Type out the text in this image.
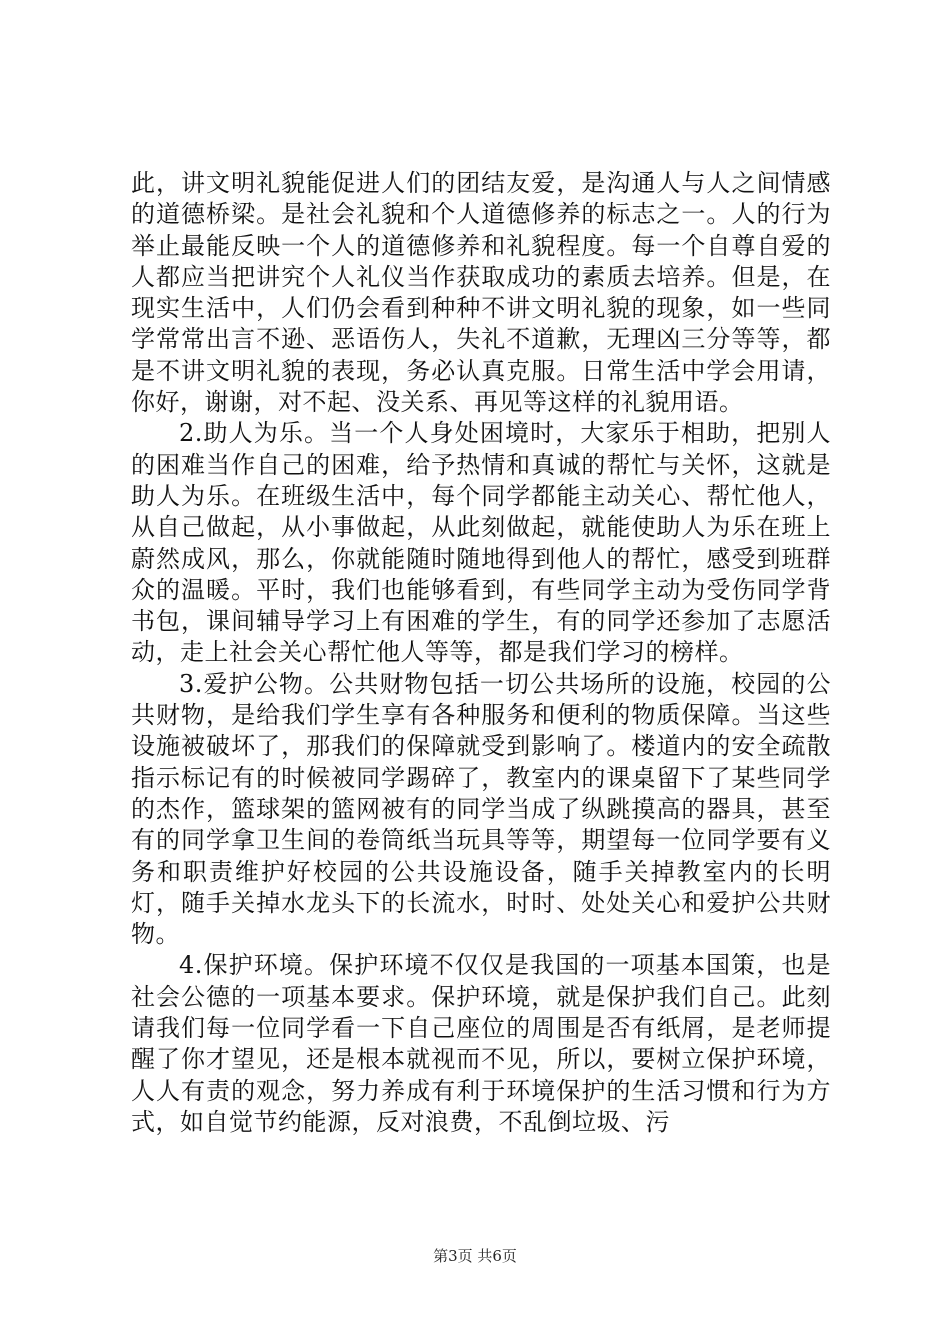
此，讲文明礼貌能促进人们的团结友爱，是沟通人与人之间情感的道德桥梁。是社会礼貌和个人道德修养的标志之一。人的行为举止最能反映一个人的道德修养和礼貌程度。每一个自尊自爱的人都应当把讲究个人礼仪当作获取成功的素质去培养。但是，在现实生活中，人们仍会看到种种不讲文明礼貌的现象，如一些同学常常出言不逊、恶语伤人，失礼不道歉，无理凶三分等等，都是不讲文明礼貌的表现，务必认真克服。日常生活中学会用请，你好，谢谢，对不起、没关系、再见等这样的礼貌用语。

2.助人为乐。当一个人身处困境时，大家乐于相助，把别人的困难当作自己的困难，给予热情和真诚的帮忙与关怀，这就是助人为乐。在班级生活中，每个同学都能主动关心、帮忙他人，从自己做起，从小事做起，从此刻做起，就能使助人为乐在班上蔚然成风，那么，你就能随时随地得到他人的帮忙，感受到班群众的温暖。平时，我们也能够看到，有些同学主动为受伤同学背书包，课间辅导学习上有困难的学生，有的同学还参加了志愿活动，走上社会关心帮忙他人等等，都是我们学习的榜样。

3.爱护公物。公共财物包括一切公共场所的设施，校园的公共财物，是给我们学生享有各种服务和便利的物质保障。当这些设施被破坏了，那我们的保障就受到影响了。楼道内的安全疏散指示标记有的时候被同学踢碎了，教室内的课桌留下了某些同学的杰作，篮球架的篮网被有的同学当成了纵跳摸高的器具，甚至有的同学拿卫生间的卷筒纸当玩具等等，期望每一位同学要有义务和职责维护好校园的公共设施设备，随手关掉教室内的长明灯，随手关掉水龙头下的长流水，时时、处处关心和爱护公共财物。

4.保护环境。保护环境不仅仅是我国的一项基本国策，也是社会公德的一项基本要求。保护环境，就是保护我们自己。此刻请我们每一位同学看一下自己座位的周围是否有纸屑，是老师提醒了你才望见，还是根本就视而不见，所以，要树立保护环境，人人有责的观念，努力养成有利于环境保护的生活习惯和行为方式，如自觉节约能源，反对浪费，不乱倒垃圾、污

第3页 共6页
